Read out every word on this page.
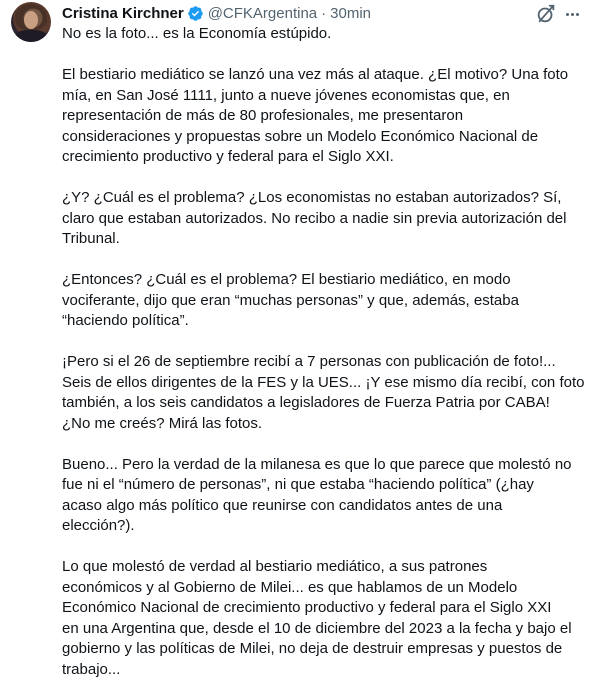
Cristina Kirchner @CFKArgentina · 30min

No es la foto... es la Economía estúpido.

El bestiario mediático se lanzó una vez más al ataque. ¿El motivo? Una foto
mía, en San José 1111, junto a nueve jóvenes economistas que, en
representación de más de 80 profesionales, me presentaron
consideraciones y propuestas sobre un Modelo Económico Nacional de
crecimiento productivo y federal para el Siglo XXI.

¿Y? ¿Cuál es el problema? ¿Los economistas no estaban autorizados? Sí,
claro que estaban autorizados. No recibo a nadie sin previa autorización del
Tribunal.

¿Entonces? ¿Cuál es el problema? El bestiario mediático, en modo
vociferante, dijo que eran “muchas personas” y que, además, estaba
“haciendo política”.

¡Pero si el 26 de septiembre recibí a 7 personas con publicación de foto!...
Seis de ellos dirigentes de la FES y la UES... ¡Y ese mismo día recibí, con foto
también, a los seis candidatos a legisladores de Fuerza Patria por CABA!
¿No me creés? Mirá las fotos.

Bueno... Pero la verdad de la milanesa es que lo que parece que molestó no
fue ni el “número de personas”, ni que estaba “haciendo política” (¿hay
acaso algo más político que reunirse con candidatos antes de una
elección?).

Lo que molestó de verdad al bestiario mediático, a sus patrones
económicos y al Gobierno de Milei... es que hablamos de un Modelo
Económico Nacional de crecimiento productivo y federal para el Siglo XXI
en una Argentina que, desde el 10 de diciembre del 2023 a la fecha y bajo el
gobierno y las políticas de Milei, no deja de destruir empresas y puestos de
trabajo...
